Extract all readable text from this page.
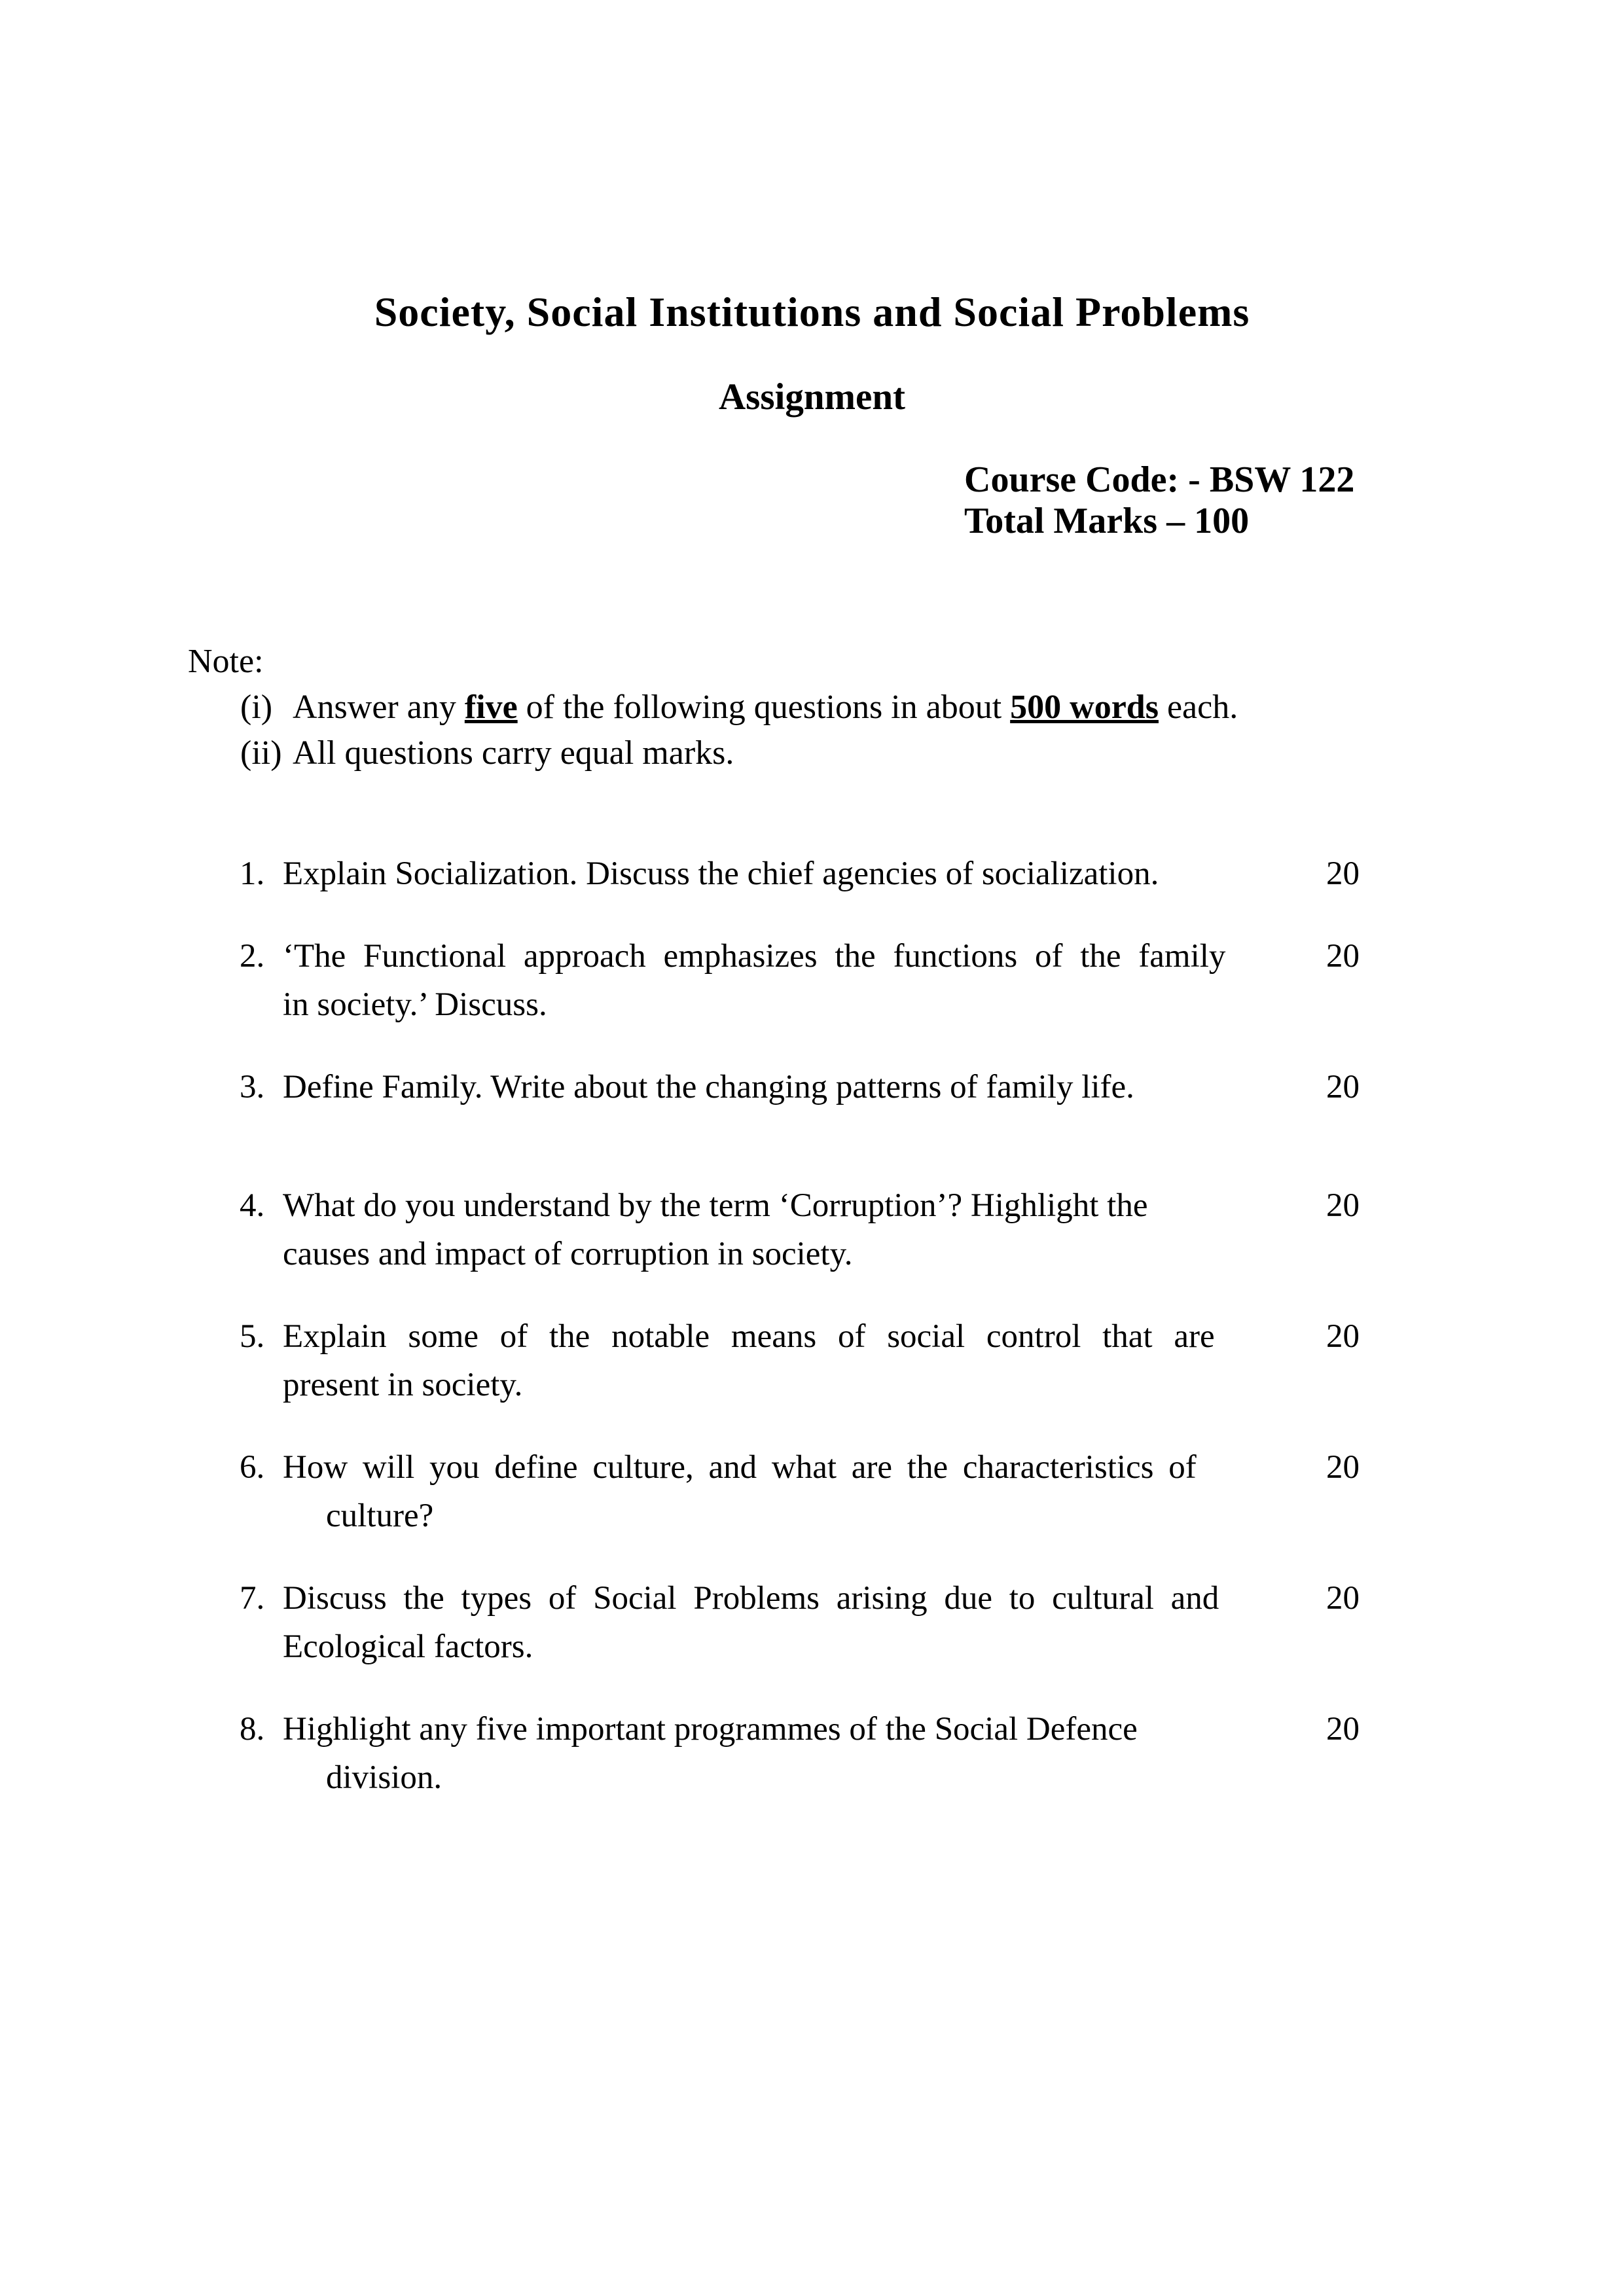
Society, Social Institutions and Social Problems
Assignment
Course Code: - BSW 122
Total Marks – 100
Note:
(i) Answer any five of the following questions in about 500 words each.
(ii) All questions carry equal marks.
1. Explain Socialization. Discuss the chief agencies of socialization.	20
2. ‘The Functional approach emphasizes the functions of the family
in society.’ Discuss.
20
3. Define Family. Write about the changing patterns of family life.	20
4. What do you understand by the term ‘Corruption’? Highlight the
causes and impact of corruption in society.
20
5. Explain some of the notable means of social control that are
present in society.
20
6. How will you define culture, and what are the characteristics of
culture?
20
7. Discuss the types of Social Problems arising due to cultural and
Ecological factors.
20
8. Highlight any five important programmes of the Social Defence
division.
20
